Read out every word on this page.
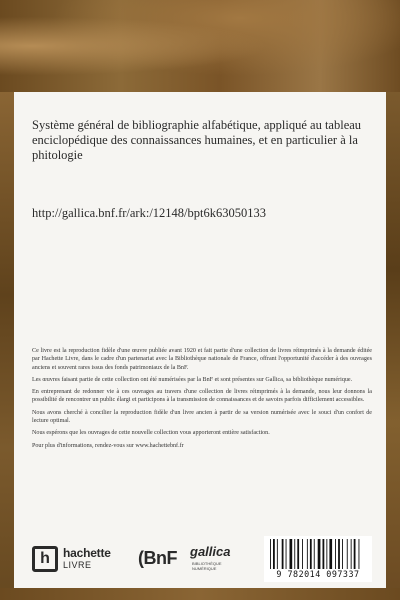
Système général de bibliographie alfabétique, appliqué au tableau enciclopédique des connaissances humaines, et en particulier à la phitologie
http://gallica.bnf.fr/ark:/12148/bpt6k63050133

Ce livre est la reproduction fidèle d'une œuvre publiée avant 1920 et fait partie d'une collection de livres réimprimés à la demande éditée par Hachette Livre, dans le cadre d'un partenariat avec la Bibliothèque nationale de France, offrant l'opportunité d'accéder à des ouvrages anciens et souvent rares issus des fonds patrimoniaux de la BnF.

Les œuvres faisant partie de cette collection ont été numérisées par la BnF et sont présentes sur Gallica, sa bibliothèque numérique.

En entreprenant de redonner vie à ces ouvrages au travers d'une collection de livres réimprimés à la demande, nous leur donnons la possibilité de rencontrer un public élargi et participons à la transmission de connaissances et de savoirs parfois difficilement accessibles.

Nous avons cherché à concilier la reproduction fidèle d'un livre ancien à partir de sa version numérisée avec le souci d'un confort de lecture optimal.

Nous espérons que les ouvrages de cette nouvelle collection vous apporteront entière satisfaction.

Pour plus d'informations, rendez-vous sur www.hachettebnf.fr

h	hachette
LIVRE	(BnF gallica
BIBLIOTHÈQUE NUMÉRIQUE
9 782014 097337
